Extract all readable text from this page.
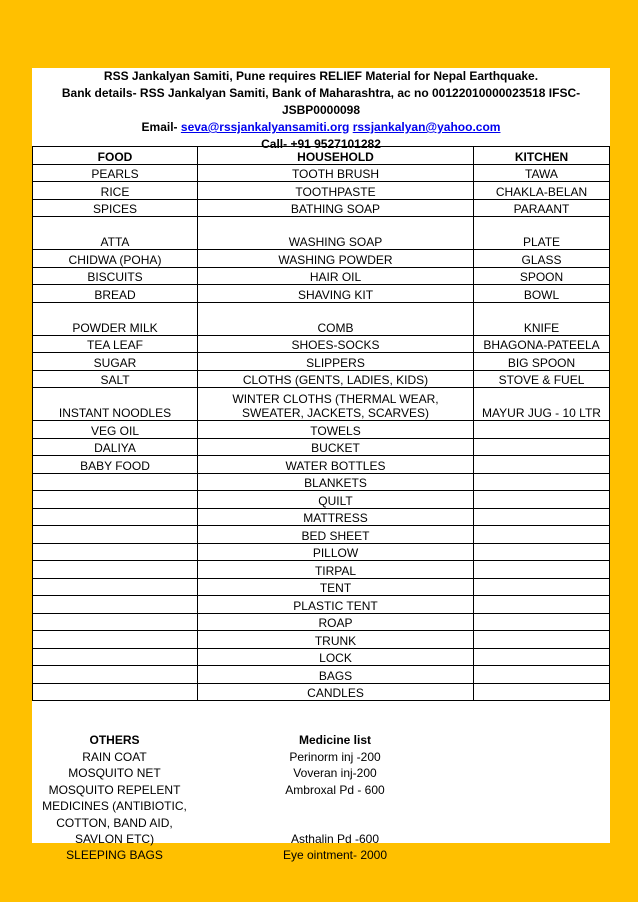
RSS Jankalyan Samiti, Pune requires RELIEF Material for Nepal Earthquake.
Bank details- RSS Jankalyan Samiti, Bank of Maharashtra, ac no 00122010000023518 IFSC-
JSBP0000098
Email- seva@rssjankalyansamiti.org rssjankalyan@yahoo.com
Call- +91 9527101282
FOOD	HOUSEHOLD	KITCHEN
PEARLS	TOOTH BRUSH	TAWA
RICE	TOOTHPASTE	CHAKLA-BELAN
SPICES	BATHING SOAP	PARAANT
ATTA	WASHING SOAP	PLATE
CHIDWA (POHA)	WASHING POWDER	GLASS
BISCUITS	HAIR OIL	SPOON
BREAD	SHAVING KIT	BOWL
POWDER MILK	COMB	KNIFE
TEA LEAF	SHOES-SOCKS	BHAGONA-PATEELA
SUGAR	SLIPPERS	BIG SPOON
SALT	CLOTHS (GENTS, LADIES, KIDS)	STOVE & FUEL
INSTANT NOODLES	WINTER CLOTHS (THERMAL WEAR, SWEATER, JACKETS, SCARVES)	MAYUR JUG - 10 LTR
VEG OIL	TOWELS	
DALIYA	BUCKET	
BABY FOOD	WATER BOTTLES	
	BLANKETS	
	QUILT	
	MATTRESS	
	BED SHEET	
	PILLOW	
	TIRPAL	
	TENT	
	PLASTIC TENT	
	ROAP	
	TRUNK	
	LOCK	
	BAGS	
	CANDLES	
OTHERS
RAIN COAT
MOSQUITO NET
MOSQUITO REPELENT
MEDICINES (ANTIBIOTIC, COTTON, BAND AID, SAVLON ETC)
SLEEPING BAGS
Medicine list
Perinorm inj -200
Voveran inj-200
Ambroxal Pd - 600
Asthalin Pd -600
Eye ointment- 2000
